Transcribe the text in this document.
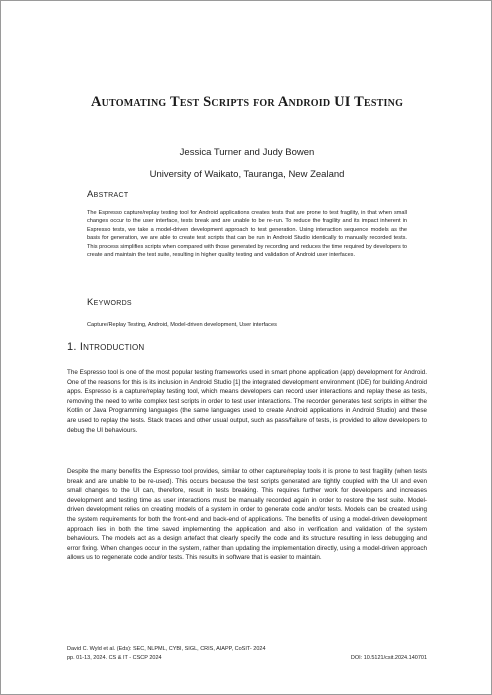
Automating Test Scripts for Android UI Testing
Jessica Turner and Judy Bowen
University of Waikato, Tauranga, New Zealand
Abstract

The Espresso capture/replay testing tool for Android applications creates tests that are prone to test fragility, in that when small changes occur to the user interface, tests break and are unable to be re-run. To reduce the fragility and its impact inherent in Espresso tests, we take a model-driven development approach to test generation. Using interaction sequence models as the basis for generation, we are able to create test scripts that can be run in Android Studio identically to manually recorded tests. This process simplifies scripts when compared with those generated by recording and reduces the time required by developers to create and maintain the test suite, resulting in higher quality testing and validation of Android user interfaces.

Keywords

Capture/Replay Testing, Android, Model-driven development, User interfaces

1. Introduction

The Espresso tool is one of the most popular testing frameworks used in smart phone application (app) development for Android. One of the reasons for this is its inclusion in Android Studio [1] the integrated development environment (IDE) for building Android apps. Espresso is a capture/replay testing tool, which means developers can record user interactions and replay these as tests, removing the need to write complex test scripts in order to test user interactions. The recorder generates test scripts in either the Kotlin or Java Programming languages (the same languages used to create Android applications in Android Studio) and these are used to replay the tests. Stack traces and other usual output, such as pass/failure of tests, is provided to allow developers to debug the UI behaviours.

Despite the many benefits the Espresso tool provides, similar to other capture/replay tools it is prone to test fragility (when tests break and are unable to be re-used). This occurs because the test scripts generated are tightly coupled with the UI and even small changes to the UI can, therefore, result in tests breaking. This requires further work for developers and increases development and testing time as user interactions must be manually recorded again in order to restore the test suite. Model-driven development relies on creating models of a system in order to generate code and/or tests. Models can be created using the system requirements for both the front-end and back-end of applications. The benefits of using a model-driven development approach lies in both the time saved implementing the application and also in verification and validation of the system behaviours. The models act as a design artefact that clearly specify the code and its structure resulting in less debugging and error fixing. When changes occur in the system, rather than updating the implementation directly, using a model-driven approach allows us to regenerate code and/or tests. This results in software that is easier to maintain.

David C. Wyld et al. (Eds): SEC, NLPML, CYBI, SIGL, CRIS, AIAPP, CoSIT- 2024
pp. 01-13, 2024. CS & IT - CSCP 2024	DOI: 10.5121/csit.2024.140701
